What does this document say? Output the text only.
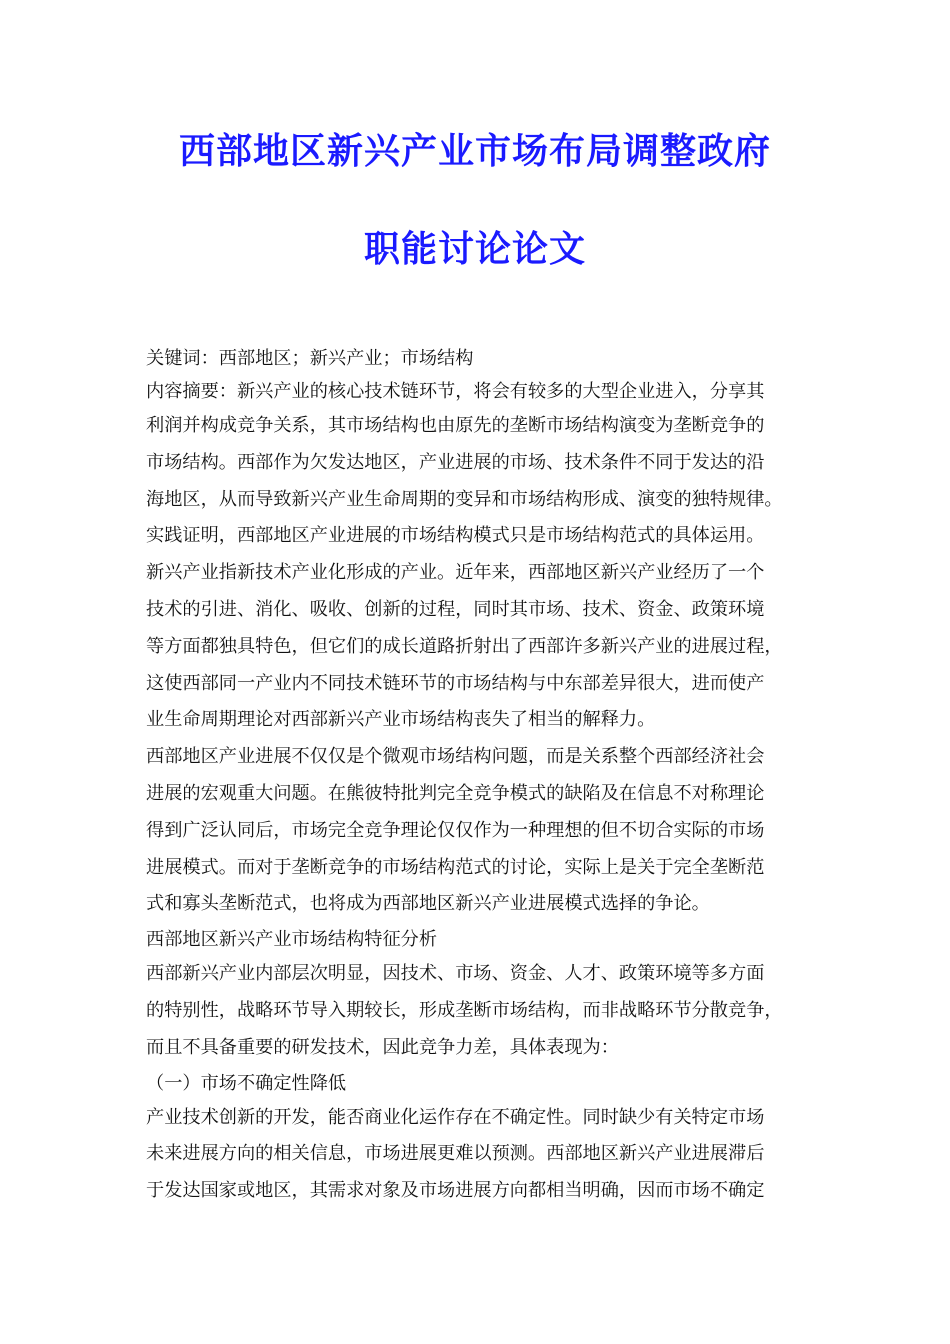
西部地区新兴产业市场布局调整政府
职能讨论论文
关键词：西部地区；新兴产业；市场结构
内容摘要：新兴产业的核心技术链环节，将会有较多的大型企业进入，分享其
利润并构成竞争关系，其市场结构也由原先的垄断市场结构演变为垄断竞争的
市场结构。西部作为欠发达地区，产业进展的市场、技术条件不同于发达的沿
海地区，从而导致新兴产业生命周期的变异和市场结构形成、演变的独特规律。
实践证明，西部地区产业进展的市场结构模式只是市场结构范式的具体运用。
新兴产业指新技术产业化形成的产业。近年来，西部地区新兴产业经历了一个
技术的引进、消化、吸收、创新的过程，同时其市场、技术、资金、政策环境
等方面都独具特色，但它们的成长道路折射出了西部许多新兴产业的进展过程，
这使西部同一产业内不同技术链环节的市场结构与中东部差异很大，进而使产
业生命周期理论对西部新兴产业市场结构丧失了相当的解释力。
西部地区产业进展不仅仅是个微观市场结构问题，而是关系整个西部经济社会
进展的宏观重大问题。在熊彼特批判完全竞争模式的缺陷及在信息不对称理论
得到广泛认同后，市场完全竞争理论仅仅作为一种理想的但不切合实际的市场
进展模式。而对于垄断竞争的市场结构范式的讨论，实际上是关于完全垄断范
式和寡头垄断范式，也将成为西部地区新兴产业进展模式选择的争论。
西部地区新兴产业市场结构特征分析
西部新兴产业内部层次明显，因技术、市场、资金、人才、政策环境等多方面
的特别性，战略环节导入期较长，形成垄断市场结构，而非战略环节分散竞争，
而且不具备重要的研发技术，因此竞争力差，具体表现为：
（一）市场不确定性降低
产业技术创新的开发，能否商业化运作存在不确定性。同时缺少有关特定市场
未来进展方向的相关信息，市场进展更难以预测。西部地区新兴产业进展滞后
于发达国家或地区，其需求对象及市场进展方向都相当明确，因而市场不确定
